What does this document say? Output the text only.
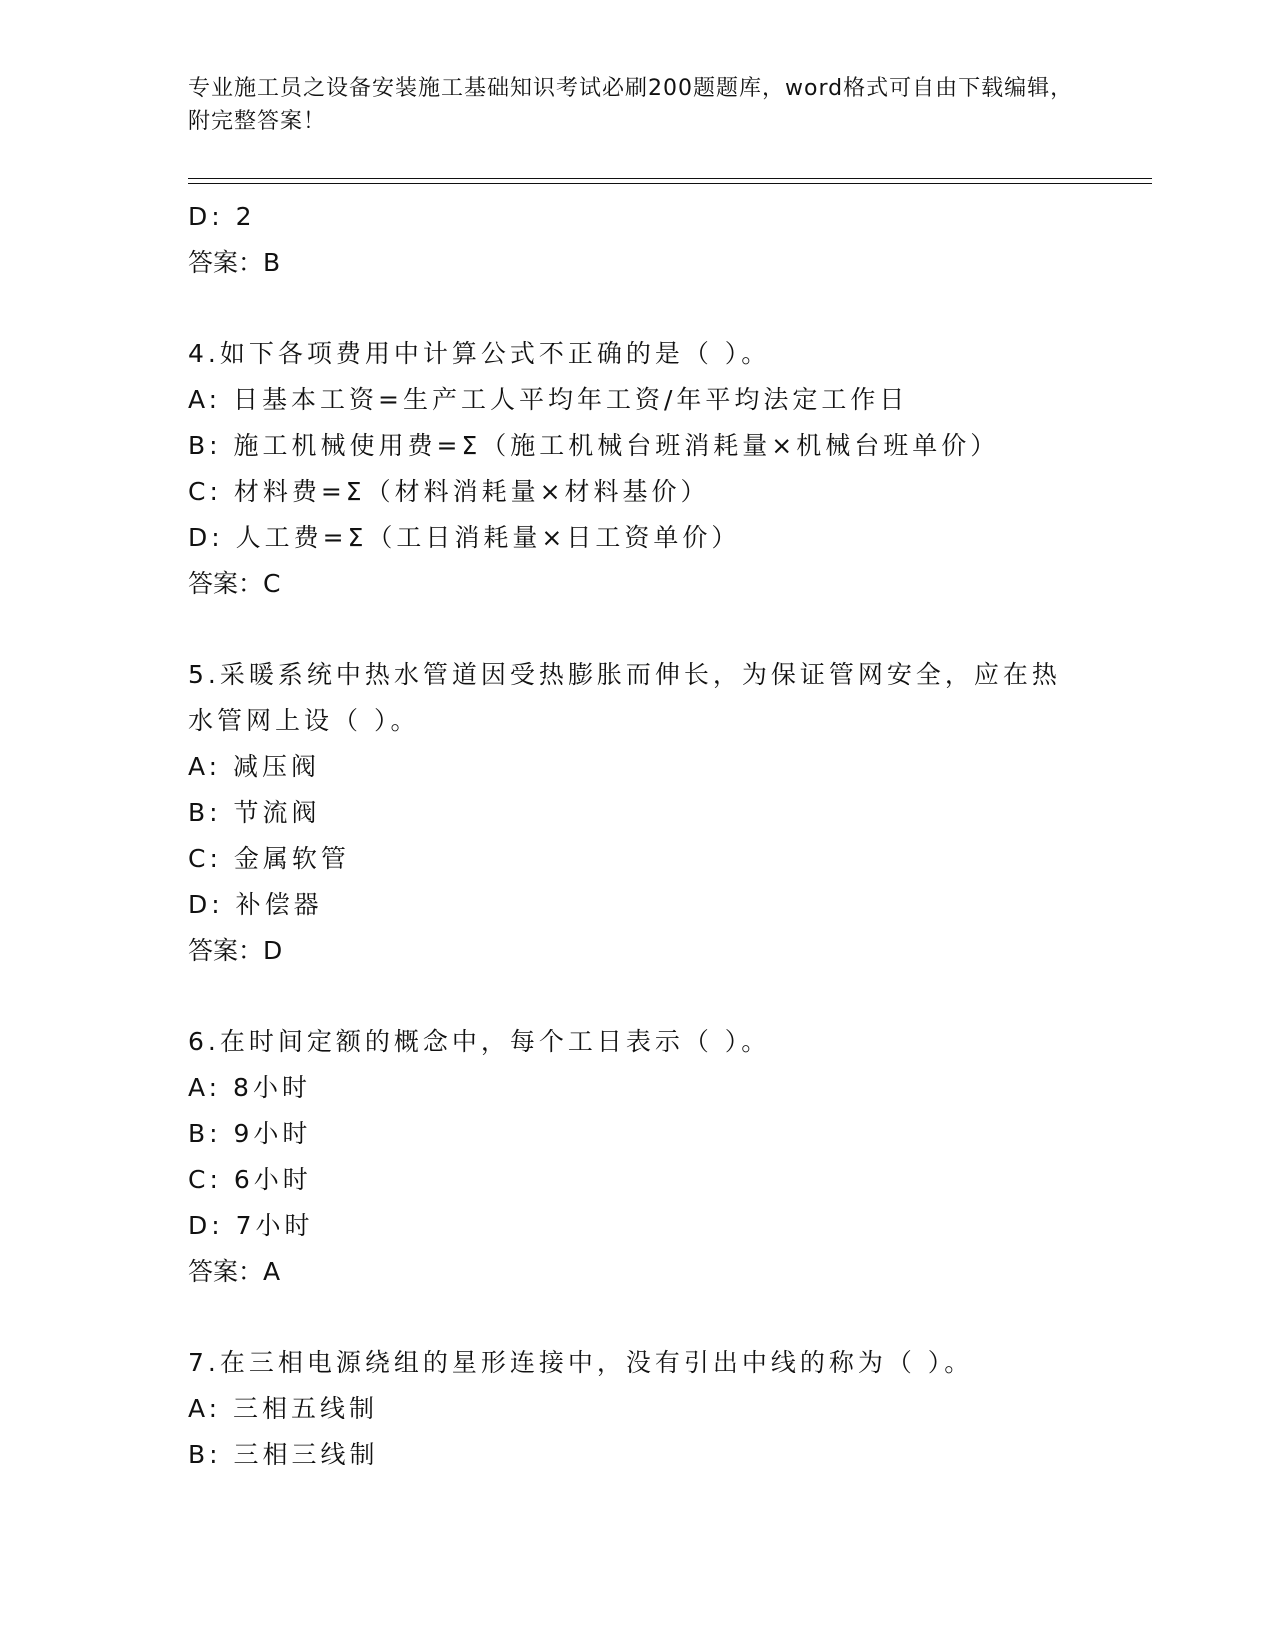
专业施工员之设备安装施工基础知识考试必刷200题题库，word格式可自由下载编辑，附完整答案！
D: 2
答案：B
4.如下各项费用中计算公式不正确的是（ ）。
A: 日基本工资=生产工人平均年工资/年平均法定工作日
B: 施工机械使用费=Σ（施工机械台班消耗量×机械台班单价）
C: 材料费=Σ（材料消耗量×材料基价）
D: 人工费=Σ（工日消耗量×日工资单价）
答案：C
5.采暖系统中热水管道因受热膨胀而伸长，为保证管网安全，应在热水管网上设（ ）。
A: 减压阀
B: 节流阀
C: 金属软管
D: 补偿器
答案：D
6.在时间定额的概念中，每个工日表示（ ）。
A: 8小时
B: 9小时
C: 6小时
D: 7小时
答案：A
7.在三相电源绕组的星形连接中，没有引出中线的称为（ ）。
A: 三相五线制
B: 三相三线制
